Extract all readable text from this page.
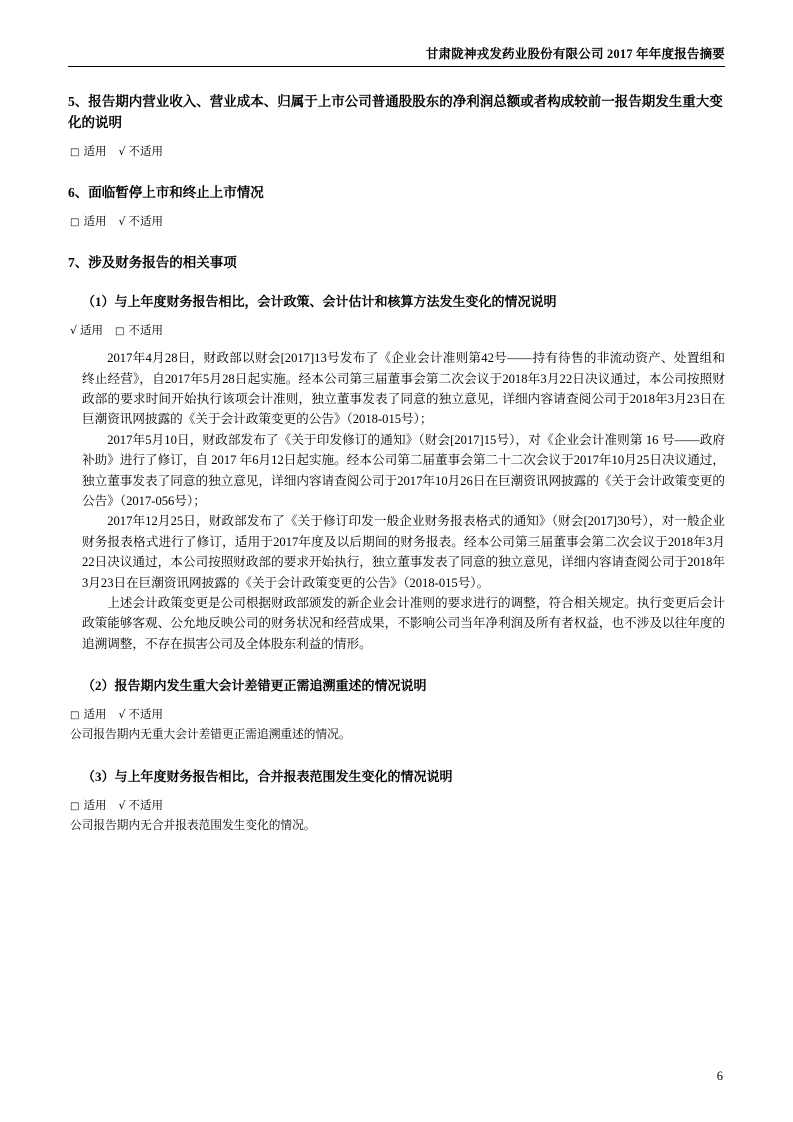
甘肃陇神戎发药业股份有限公司 2017 年年度报告摘要

5、报告期内营业收入、营业成本、归属于上市公司普通股股东的净利润总额或者构成较前一报告期发生重大变化的说明

□ 适用 √ 不适用

6、面临暂停上市和终止上市情况

□ 适用 √ 不适用

7、涉及财务报告的相关事项

（1）与上年度财务报告相比，会计政策、会计估计和核算方法发生变化的情况说明

√ 适用 □ 不适用

2017年4月28日，财政部以财会[2017]13号发布了《企业会计准则第42号——持有待售的非流动资产、处置组和终止经营》，自2017年5月28日起实施。经本公司第三届董事会第二次会议于2018年3月22日决议通过，本公司按照财政部的要求时间开始执行该项会计准则，独立董事发表了同意的独立意见，详细内容请查阅公司于2018年3月23日在巨潮资讯网披露的《关于会计政策变更的公告》（2018-015号）；

2017年5月10日，财政部发布了《关于印发修订的通知》（财会[2017]15号），对《企业会计准则第 16 号——政府补助》进行了修订，自 2017 年6月12日起实施。经本公司第二届董事会第二十二次会议于2017年10月25日决议通过，独立董事发表了同意的独立意见，详细内容请查阅公司于2017年10月26日在巨潮资讯网披露的《关于会计政策变更的公告》（2017-056号）；

2017年12月25日，财政部发布了《关于修订印发一般企业财务报表格式的通知》（财会[2017]30号），对一般企业财务报表格式进行了修订，适用于2017年度及以后期间的财务报表。经本公司第三届董事会第二次会议于2018年3月22日决议通过，本公司按照财政部的要求开始执行，独立董事发表了同意的独立意见，详细内容请查阅公司于2018年3月23日在巨潮资讯网披露的《关于会计政策变更的公告》（2018-015号）。

上述会计政策变更是公司根据财政部颁发的新企业会计准则的要求进行的调整，符合相关规定。执行变更后会计政策能够客观、公允地反映公司的财务状况和经营成果，不影响公司当年净利润及所有者权益，也不涉及以往年度的追溯调整，不存在损害公司及全体股东利益的情形。

（2）报告期内发生重大会计差错更正需追溯重述的情况说明

□ 适用 √ 不适用

公司报告期内无重大会计差错更正需追溯重述的情况。

（3）与上年度财务报告相比，合并报表范围发生变化的情况说明

□ 适用 √ 不适用

公司报告期内无合并报表范围发生变化的情况。

6
